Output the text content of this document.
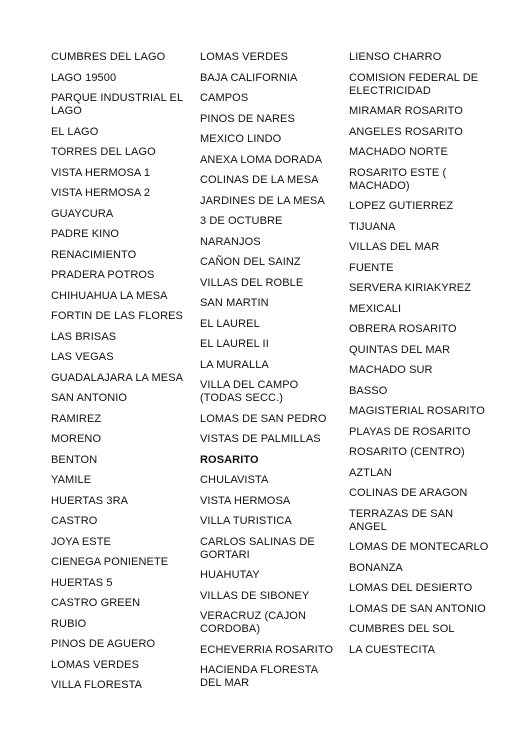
CUMBRES DEL LAGO
LAGO 19500
PARQUE INDUSTRIAL EL LAGO
EL LAGO
TORRES DEL LAGO
VISTA HERMOSA 1
VISTA HERMOSA 2
GUAYCURA
PADRE KINO
RENACIMIENTO
PRADERA POTROS
CHIHUAHUA LA MESA
FORTIN DE LAS FLORES
LAS BRISAS
LAS VEGAS
GUADALAJARA LA MESA
SAN ANTONIO
RAMIREZ
MORENO
BENTON
YAMILE
HUERTAS 3RA
CASTRO
JOYA ESTE
CIENEGA PONIENETE
HUERTAS 5
CASTRO GREEN
RUBIO
PINOS DE AGUERO
LOMAS VERDES
VILLA FLORESTA
LOMAS VERDES
BAJA CALIFORNIA
CAMPOS
PINOS DE NARES
MEXICO LINDO
ANEXA LOMA DORADA
COLINAS DE LA MESA
JARDINES DE LA MESA
3 DE OCTUBRE
NARANJOS
CAÑON DEL SAINZ
VILLAS DEL ROBLE
SAN MARTIN
EL LAUREL
EL LAUREL II
LA MURALLA
VILLA DEL CAMPO (TODAS SECC.)
LOMAS DE SAN PEDRO
VISTAS DE PALMILLAS
ROSARITO
CHULAVISTA
VISTA HERMOSA
VILLA TURISTICA
CARLOS SALINAS DE GORTARI
HUAHUTAY
VILLAS DE SIBONEY
VERACRUZ (CAJON CORDOBA)
ECHEVERRIA ROSARITO
HACIENDA FLORESTA DEL MAR
LIENSO CHARRO
COMISION FEDERAL DE ELECTRICIDAD
MIRAMAR ROSARITO
ANGELES ROSARITO
MACHADO NORTE
ROSARITO ESTE ( MACHADO)
LOPEZ GUTIERREZ
TIJUANA
VILLAS DEL MAR
FUENTE
SERVERA KIRIAKYREZ
MEXICALI
OBRERA ROSARITO
QUINTAS DEL MAR
MACHADO SUR
BASSO
MAGISTERIAL ROSARITO
PLAYAS DE ROSARITO
ROSARITO (CENTRO)
AZTLAN
COLINAS DE ARAGON
TERRAZAS DE SAN ANGEL
LOMAS DE MONTECARLO
BONANZA
LOMAS DEL DESIERTO
LOMAS DE SAN ANTONIO
CUMBRES DEL SOL
LA CUESTECITA
